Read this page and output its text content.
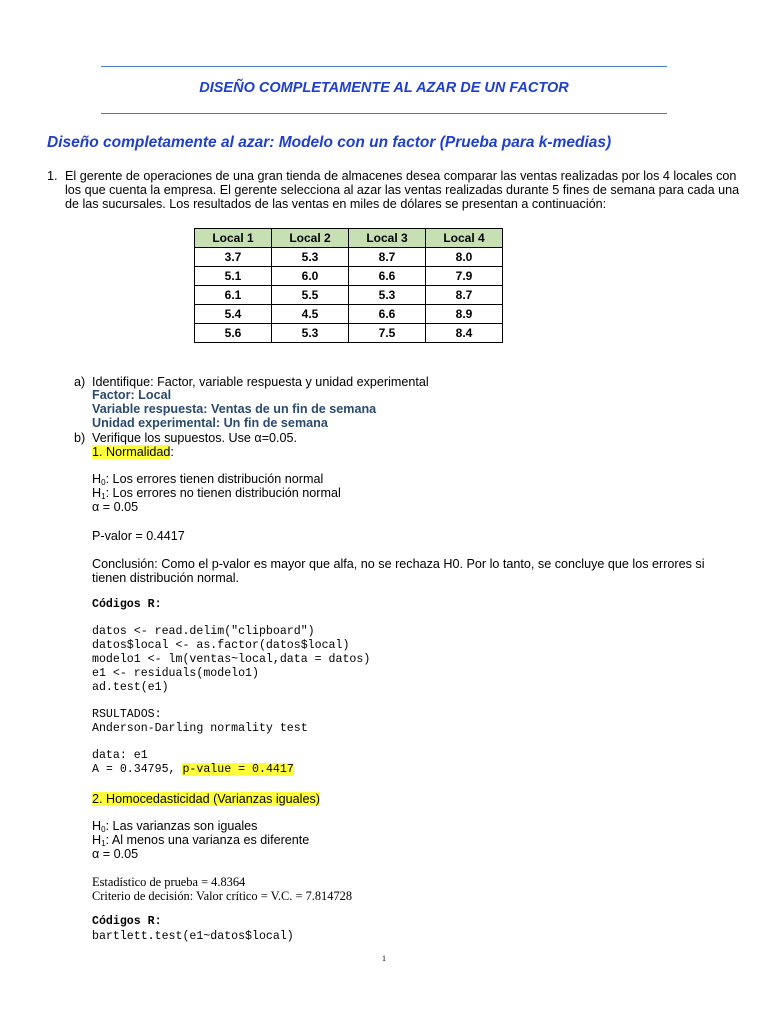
DISEÑO COMPLETAMENTE AL AZAR DE UN FACTOR
Diseño completamente al azar: Modelo con un factor (Prueba para k-medias)
1. El gerente de operaciones de una gran tienda de almacenes desea comparar las ventas realizadas por los 4 locales con los que cuenta la empresa. El gerente selecciona al azar las ventas realizadas durante 5 fines de semana para cada una de las sucursales. Los resultados de las ventas en miles de dólares se presentan a continuación:
Local 1	Local 2	Local 3	Local 4
3.7	5.3	8.7	8.0
5.1	6.0	6.6	7.9
6.1	5.5	5.3	8.7
5.4	4.5	6.6	8.9
5.6	5.3	7.5	8.4
a) Identifique: Factor, variable respuesta y unidad experimental
Factor: Local
Variable respuesta: Ventas de un fin de semana
Unidad experimental: Un fin de semana
b) Verifique los supuestos. Use α=0.05.
1. Normalidad:
$H_0$: Los errores tienen distribución normal
$H_1$: Los errores no tienen distribución normal
α = 0.05
P-valor = 0.4417
Conclusión: Como el p-valor es mayor que alfa, no se rechaza H0. Por lo tanto, se concluye que los errores si
tienen distribución normal.
Códigos R:
datos <- read.delim("clipboard")
datos$local <- as.factor(datos$local)
modelo1 <- lm(ventas~local,data = datos)
e1 <- residuals(modelo1)
ad.test(e1)
RSULTADOS:
Anderson-Darling normality test
data: e1
A = 0.34795, p-value = 0.4417
2. Homocedasticidad (Varianzas iguales)
$H_0$: Las varianzas son iguales
$H_1$: Al menos una varianza es diferente
α = 0.05
Estadístico de prueba = 4.8364
Criterio de decisión: Valor crítico = V.C. = 7.814728
Códigos R:
bartlett.test(e1~datos$local)
1
